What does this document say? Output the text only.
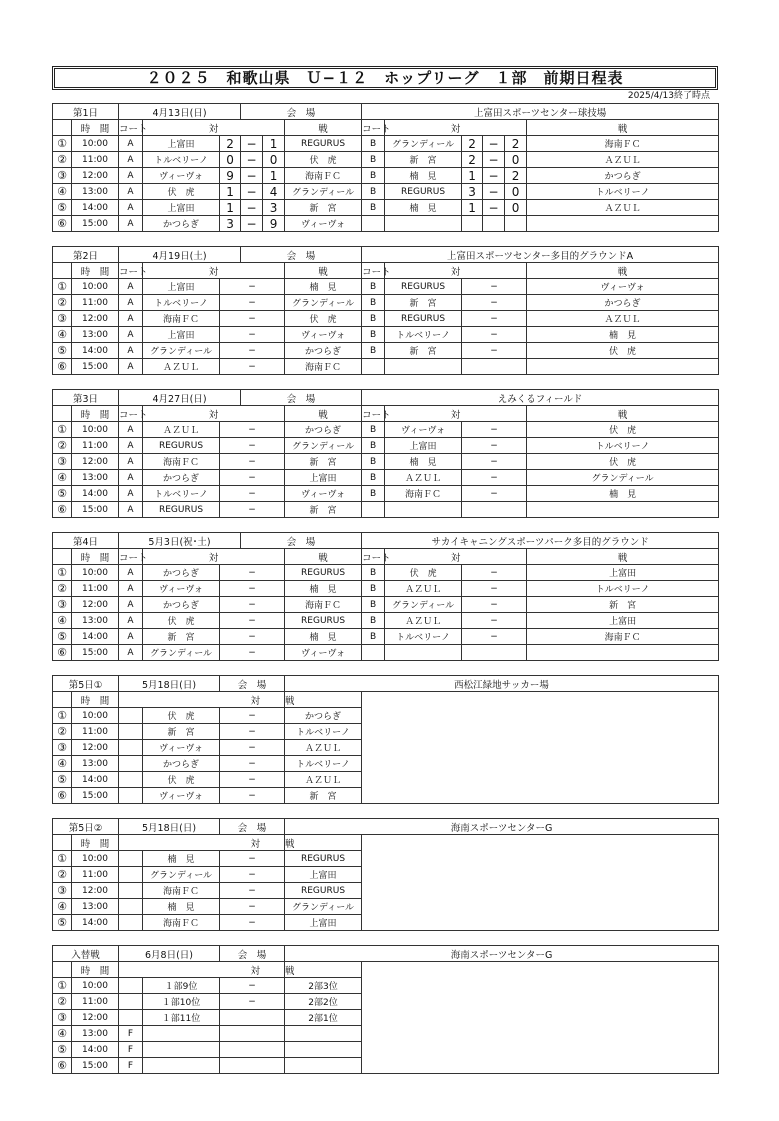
２０２５　和歌山県　Ｕ−１２　ホップリーグ　１部　前期日程表
2025/4/13終了時点
第1日		4月13日(日)			会　場			上富田スポーツセンター球技場					
	時　間	コート	対				戦	コート	対				戦
①	10:00	A	上富田	2	−	1	REGURUS	B	グランディール	2	−	2	海南ＦＣ
②	11:00	A	トルベリーノ	0	−	0	伏　虎	B	新　宮	2	−	0	ＡＺＵＬ
③	12:00	A	ヴィーヴォ	9	−	1	海南ＦＣ	B	楠　見	1	−	2	かつらぎ
④	13:00	A	伏　虎	1	−	4	グランディール	B	REGURUS	3	−	0	トルベリーノ
⑤	14:00	A	上富田	1	−	3	新　宮	B	楠　見	1	−	0	ＡＺＵＬ
⑥	15:00	A	かつらぎ	3	−	9	ヴィーヴォ						
第2日		4月19日(土)			会　場		上富田スポーツセンター多目的グラウンドA			
	時　間	コート	対			戦	コート	対		戦
①	10:00	A	上富田	−		楠　見	B	REGURUS	−	ヴィーヴォ
②	11:00	A	トルベリーノ	−		グランディール	B	新　宮	−	かつらぎ
③	12:00	A	海南ＦＣ	−		伏　虎	B	REGURUS	−	ＡＺＵＬ
④	13:00	A	上富田	−		ヴィーヴォ	B	トルベリーノ	−	楠　見
⑤	14:00	A	グランディール	−		かつらぎ	B	新　宮	−	伏　虎
⑥	15:00	A	ＡＺＵＬ	−		海南ＦＣ				
第3日		4月27日(日)			会　場		えみくるフィールド			
	時　間	コート	対			戦	コート	対		戦
①	10:00	A	ＡＺＵＬ	−		かつらぎ	B	ヴィーヴォ	−	伏　虎
②	11:00	A	REGURUS	−		グランディール	B	上富田	−	トルベリーノ
③	12:00	A	海南ＦＣ	−		新　宮	B	楠　見	−	伏　虎
④	13:00	A	かつらぎ	−		上富田	B	ＡＺＵＬ	−	グランディール
⑤	14:00	A	トルベリーノ	−		ヴィーヴォ	B	海南ＦＣ	−	楠　見
⑥	15:00	A	REGURUS	−		新　宮				
第4日		5月3日(祝･土)			会　場		サカイキャニングスポーツパーク多目的グラウンド			
	時　間	コート	対			戦	コート	対		戦
①	10:00	A	かつらぎ	−		REGURUS	B	伏　虎	−	上富田
②	11:00	A	ヴィーヴォ	−		楠　見	B	ＡＺＵＬ	−	トルベリーノ
③	12:00	A	かつらぎ	−		海南ＦＣ	B	グランディール	−	新　宮
④	13:00	A	伏　虎	−		REGURUS	B	ＡＺＵＬ	−	上富田
⑤	14:00	A	新　宮	−		楠　見	B	トルベリーノ	−	海南ＦＣ
⑥	15:00	A	グランディール	−		ヴィーヴォ				
第5日①		5月18日(日)		会　場	西松江緑地サッカー場	
	時　間	対			戦	
①	10:00		伏　虎	−	かつらぎ	
②	11:00		新　宮	−	トルベリーノ	
③	12:00		ヴィーヴォ	−	ＡＺＵＬ	
④	13:00		かつらぎ	−	トルベリーノ	
⑤	14:00		伏　虎	−	ＡＺＵＬ	
⑥	15:00		ヴィーヴォ	−	新　宮	
第5日②		5月18日(日)		会　場	海南スポーツセンターG	
	時　間	対			戦	
①	10:00		楠　見	−	REGURUS	
②	11:00		グランディール	−	上富田	
③	12:00		海南ＦＣ	−	REGURUS	
④	13:00		楠　見	−	グランディール	
⑤	14:00		海南ＦＣ	−	上富田	
入替戦		6月8日(日)		会　場	海南スポーツセンターG	
	時　間	対			戦	
①	10:00		１部9位	−	2部3位	
②	11:00		１部10位	−	2部2位	
③	12:00		１部11位		2部1位	
④	13:00	F				
⑤	14:00	F				
⑥	15:00	F				
